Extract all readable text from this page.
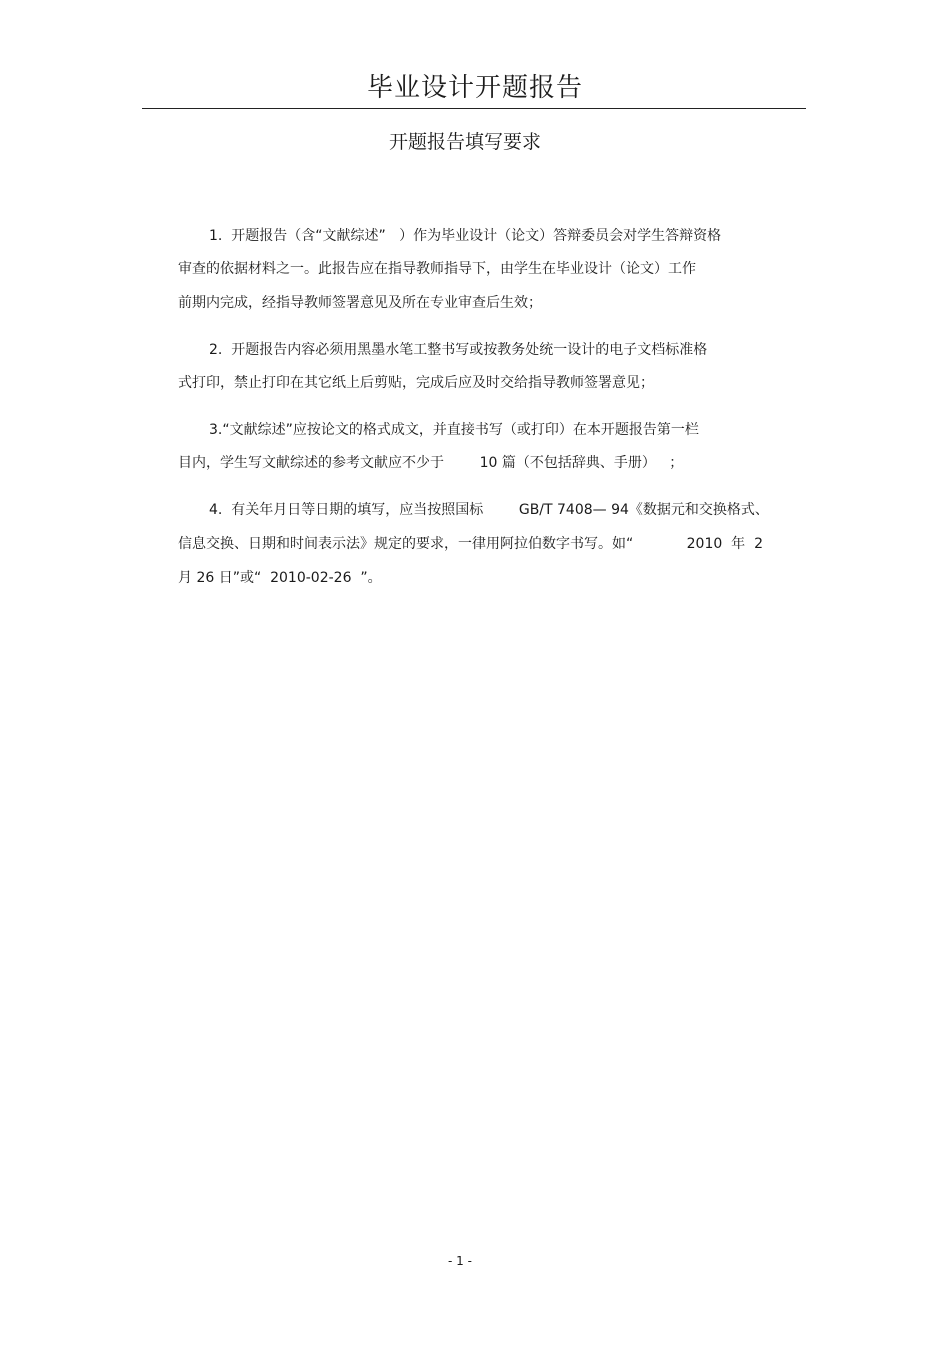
毕业设计开题报告
开题报告填写要求
1.  开题报告（含“文献综述”   ）作为毕业设计（论文）答辩委员会对学生答辩资格
审查的依据材料之一。此报告应在指导教师指导下，由学生在毕业设计（论文）工作
前期内完成，经指导教师签署意见及所在专业审查后生效；
2.  开题报告内容必须用黑墨水笔工整书写或按教务处统一设计的电子文档标准格
式打印，禁止打印在其它纸上后剪贴，完成后应及时交给指导教师签署意见；
3.“文献综述”应按论文的格式成文，并直接书写（或打印）在本开题报告第一栏
目内，学生写文献综述的参考文献应不少于        10 篇（不包括辞典、手册）   ；
4.  有关年月日等日期的填写，应当按照国标        GB/T 7408— 94《数据元和交换格式、
信息交换、日期和时间表示法》规定的要求，一律用阿拉伯数字书写。如“            2010  年  2
月 26 日”或“  2010-02-26  ”。
- 1 -
